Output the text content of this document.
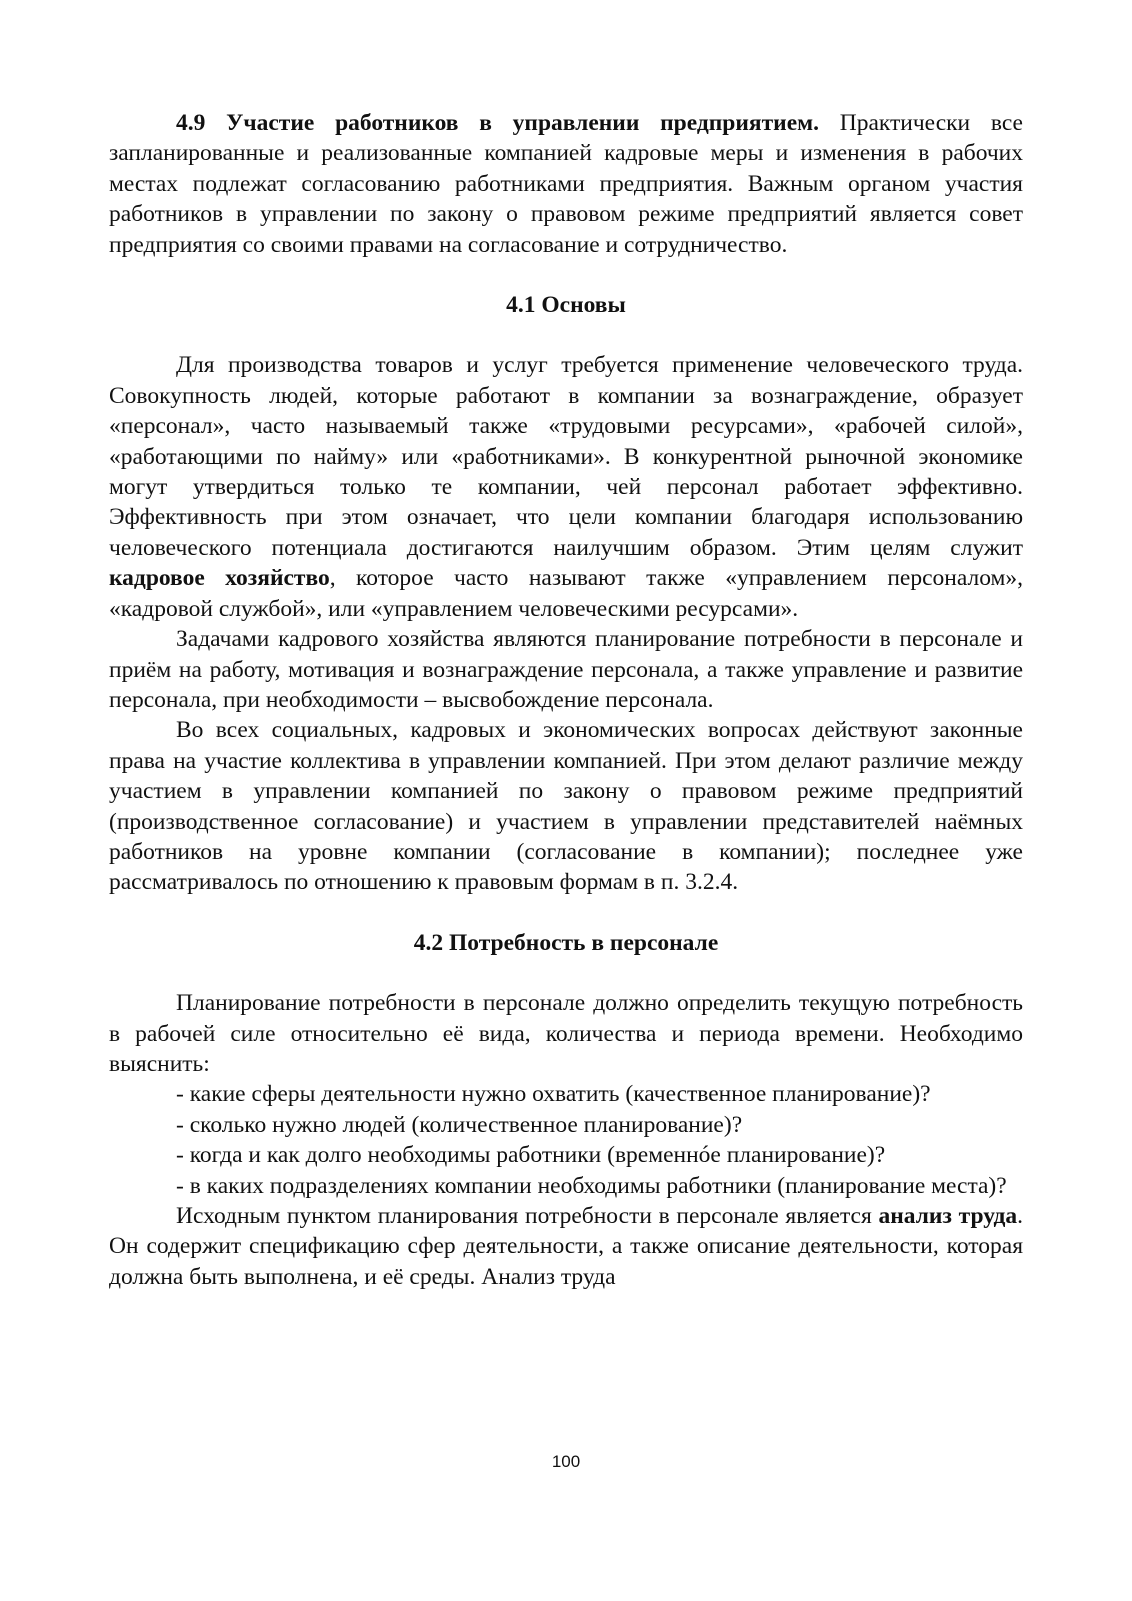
4.9 Участие работников в управлении предприятием. Практически все запланированные и реализованные компанией кадровые меры и изменения в рабочих местах подлежат согласованию работниками предприятия. Важным органом участия работников в управлении по закону о правовом режиме предприятий является совет предприятия со своими правами на согласование и сотрудничество.

4.1 Основы

Для производства товаров и услуг требуется применение человеческого труда. Совокупность людей, которые работают в компании за вознаграждение, образует «персонал», часто называемый также «трудовыми ресурсами», «рабочей силой», «работающими по найму» или «работниками». В конкурентной рыночной экономике могут утвердиться только те компании, чей персонал работает эффективно. Эффективность при этом означает, что цели компании благодаря использованию человеческого потенциала достигаются наилучшим образом. Этим целям служит кадровое хозяйство, которое часто называют также «управлением персоналом», «кадровой службой», или «управлением человеческими ресурсами».

Задачами кадрового хозяйства являются планирование потребности в персонале и приём на работу, мотивация и вознаграждение персонала, а также управление и развитие персонала, при необходимости – высвобождение персонала.

Во всех социальных, кадровых и экономических вопросах действуют законные права на участие коллектива в управлении компанией. При этом делают различие между участием в управлении компанией по закону о правовом режиме предприятий (производственное согласование) и участием в управлении представителей наёмных работников на уровне компании (согласование в компании); последнее уже рассматривалось по отношению к правовым формам в п. 3.2.4.

4.2 Потребность в персонале

Планирование потребности в персонале должно определить текущую потребность в рабочей силе относительно её вида, количества и периода времени. Необходимо выяснить:

- какие сферы деятельности нужно охватить (качественное планирование)?

- сколько нужно людей (количественное планирование)?

- когда и как долго необходимы работники (временнóе планирование)?

- в каких подразделениях компании необходимы работники (планирование места)?

Исходным пунктом планирования потребности в персонале является анализ труда. Он содержит спецификацию сфер деятельности, а также описание деятельности, которая должна быть выполнена, и её среды. Анализ труда

100
